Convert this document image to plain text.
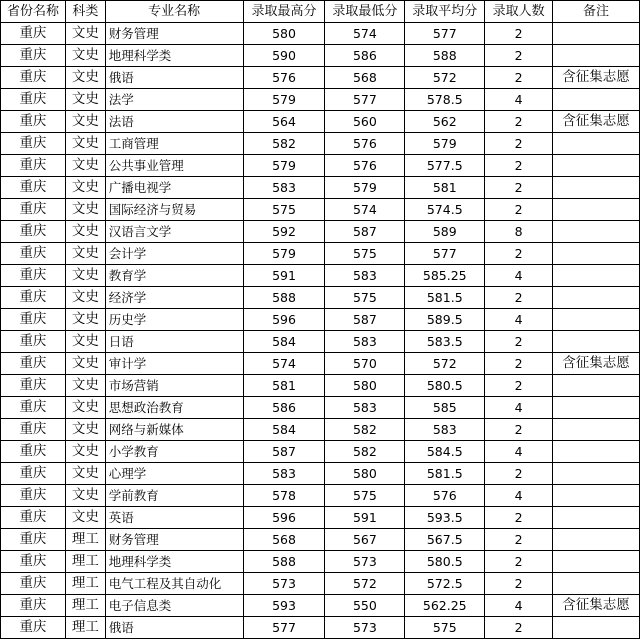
省份名称	科类	专业名称	录取最高分	录取最低分	录取平均分	录取人数	备注
重庆	文史	财务管理	580	574	577	2	
重庆	文史	地理科学类	590	586	588	2	
重庆	文史	俄语	576	568	572	2	含征集志愿
重庆	文史	法学	579	577	578.5	4	
重庆	文史	法语	564	560	562	2	含征集志愿
重庆	文史	工商管理	582	576	579	2	
重庆	文史	公共事业管理	579	576	577.5	2	
重庆	文史	广播电视学	583	579	581	2	
重庆	文史	国际经济与贸易	575	574	574.5	2	
重庆	文史	汉语言文学	592	587	589	8	
重庆	文史	会计学	579	575	577	2	
重庆	文史	教育学	591	583	585.25	4	
重庆	文史	经济学	588	575	581.5	2	
重庆	文史	历史学	596	587	589.5	4	
重庆	文史	日语	584	583	583.5	2	
重庆	文史	审计学	574	570	572	2	含征集志愿
重庆	文史	市场营销	581	580	580.5	2	
重庆	文史	思想政治教育	586	583	585	4	
重庆	文史	网络与新媒体	584	582	583	2	
重庆	文史	小学教育	587	582	584.5	4	
重庆	文史	心理学	583	580	581.5	2	
重庆	文史	学前教育	578	575	576	4	
重庆	文史	英语	596	591	593.5	2	
重庆	理工	财务管理	568	567	567.5	2	
重庆	理工	地理科学类	588	573	580.5	2	
重庆	理工	电气工程及其自动化	573	572	572.5	2	
重庆	理工	电子信息类	593	550	562.25	4	含征集志愿
重庆	理工	俄语	577	573	575	2	
